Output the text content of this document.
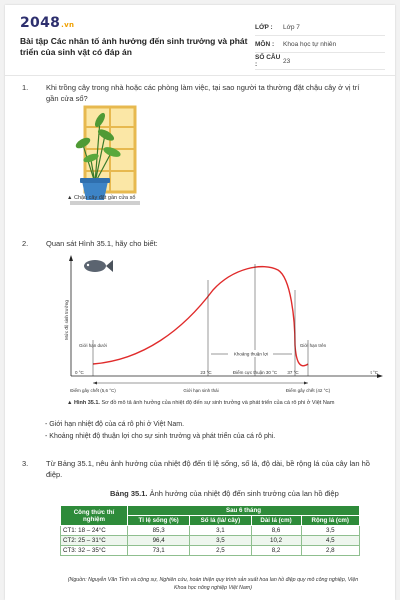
2048.vn
Bài tập Các nhân tố ảnh hưởng đến sinh trưởng và phát triển của sinh vật có đáp án
LỚP :	Lớp 7
MÔN :	Khoa học tự nhiên
SỐ CÂU :	23
1. Khi trồng cây trong nhà hoặc các phòng làm việc, tại sao người ta thường đặt chậu cây ở vị trí
gần cửa sổ?
▲ Chậu cây đặt gần cửa sổ
2. Quan sát Hình 35.1, hãy cho biết:
Mức độ sinh trưởng
Khoảng thuận lợi
Giới hạn dưới	Giới hạn trên
0 °C	23 °C	Điểm cực thuận 30 °C 37 °C	t °C
Điểm gây chết (5,6 °C)	Giới hạn sinh thái	Điểm gây chết (42 °C)
▲ Hình 35.1. Sơ đồ mô tả ảnh hưởng của nhiệt độ đến sự sinh trưởng và phát triển của cá rô phi ở Việt Nam
- Giới hạn nhiệt độ của cá rô phi ở Việt Nam.
- Khoảng nhiệt độ thuận lợi cho sự sinh trưởng và phát triển của cá rô phi.
3. Từ Bảng 35.1, nêu ảnh hưởng của nhiệt độ đến tỉ lệ sống, số lá, độ dài, bề rộng lá của cây lan hồ
điệp.
Bảng 35.1. Ảnh hưởng của nhiệt độ đến sinh trưởng của lan hồ điệp
Công thức thí nghiệm	Sau 6 tháng			
	Tỉ lệ sống (%)	Số lá (lá/ cây)	Dài lá (cm)	Rộng lá (cm)
CT1: 18 – 24°C	85,3	3,1	8,6	3,5
CT2: 25 – 31°C	96,4	3,5	10,2	4,5
CT3: 32 – 35°C	73,1	2,5	8,2	2,8
(Nguồn: Nguyễn Văn Tỉnh và cộng sự, Nghiên cứu, hoàn thiện quy trình sản xuất hoa lan hồ điệp quy mô công nghiệp, Viện Khoa học nông nghiệp Việt Nam)
